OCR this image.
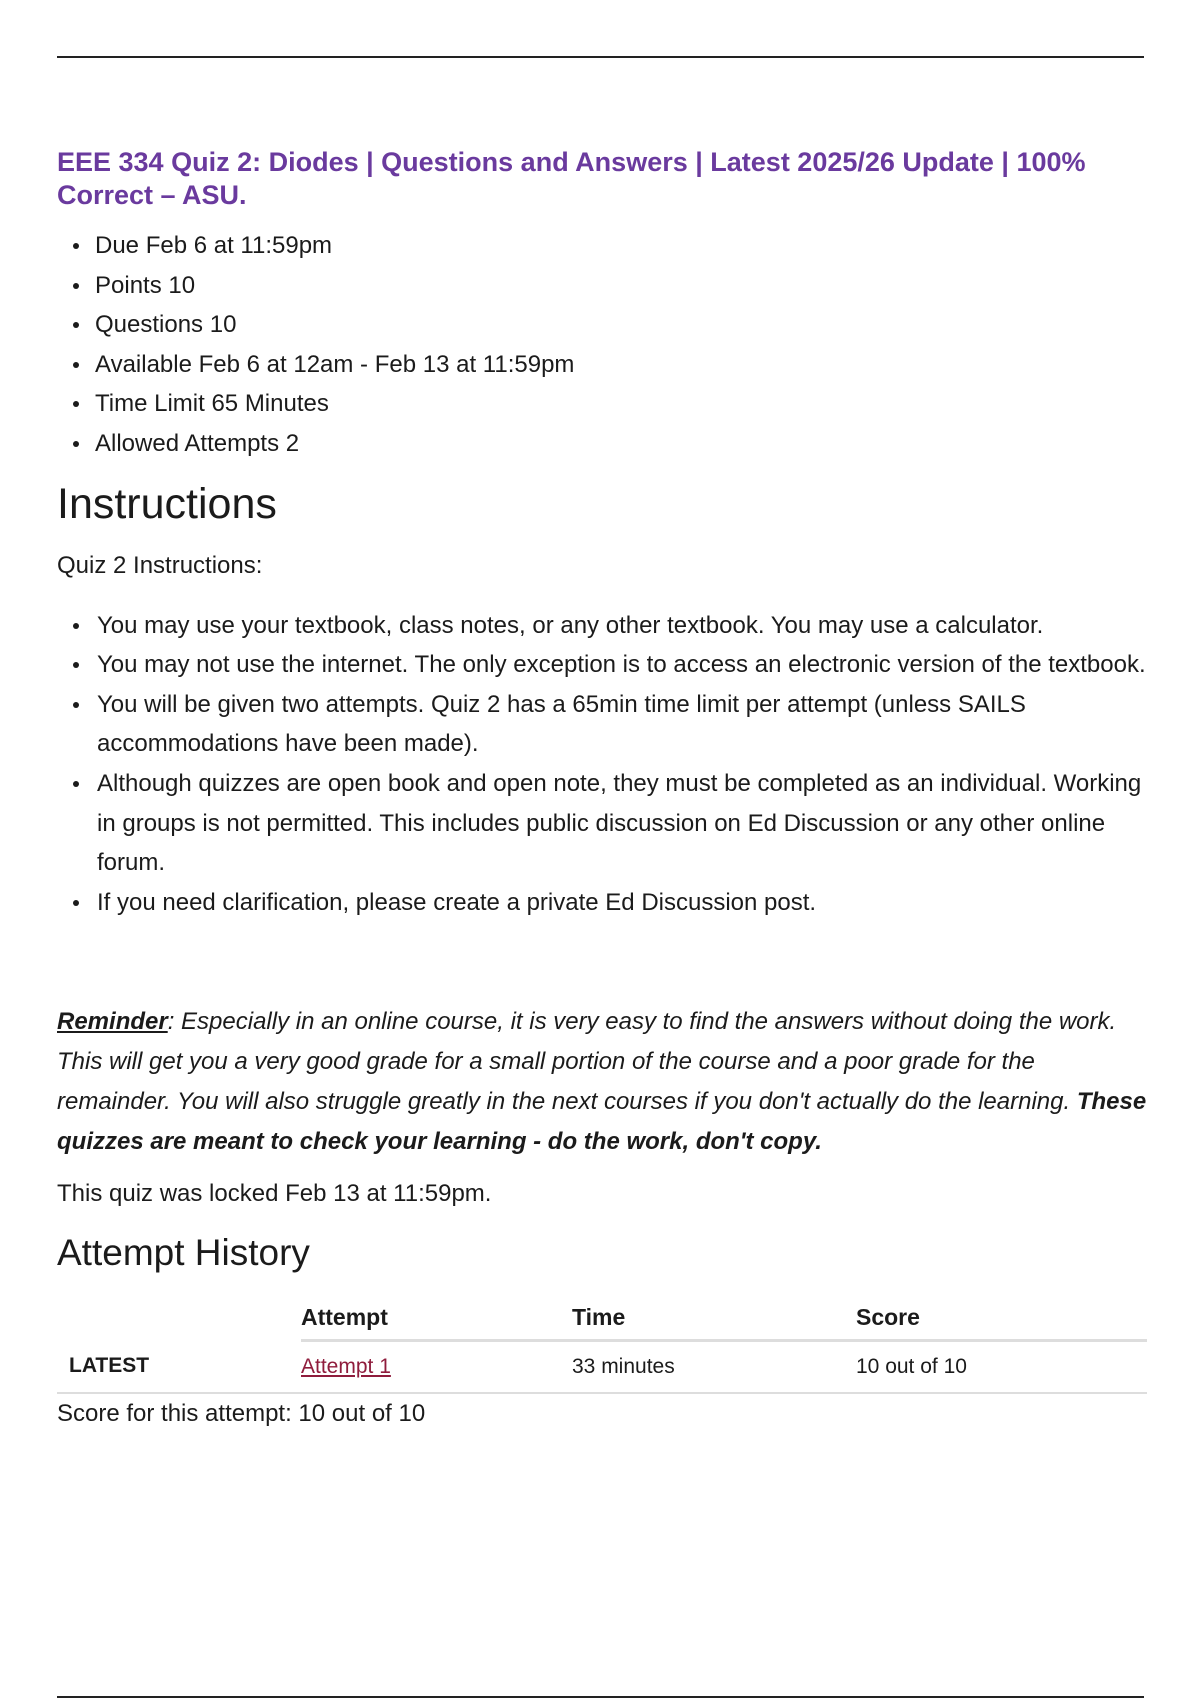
EEE 334 Quiz 2: Diodes | Questions and Answers | Latest 2025/26 Update | 100% Correct – ASU.
Due Feb 6 at 11:59pm
Points 10
Questions 10
Available Feb 6 at 12am - Feb 13 at 11:59pm
Time Limit 65 Minutes
Allowed Attempts 2
Instructions

Quiz 2 Instructions:

You may use your textbook, class notes, or any other textbook. You may use a calculator.
You may not use the internet. The only exception is to access an electronic version of the textbook.
You will be given two attempts. Quiz 2 has a 65min time limit per attempt (unless SAILS accommodations have been made).
Although quizzes are open book and open note, they must be completed as an individual. Working in groups is not permitted. This includes public discussion on Ed Discussion or any other online forum.
If you need clarification, please create a private Ed Discussion post.

Reminder: Especially in an online course, it is very easy to find the answers without doing the work. This will get you a very good grade for a small portion of the course and a poor grade for the remainder. You will also struggle greatly in the next courses if you don't actually do the learning. These quizzes are meant to check your learning - do the work, don't copy.

This quiz was locked Feb 13 at 11:59pm.

Attempt History
	Attempt	Time	Score
LATEST	Attempt 1	33 minutes	10 out of 10

Score for this attempt: 10 out of 10
